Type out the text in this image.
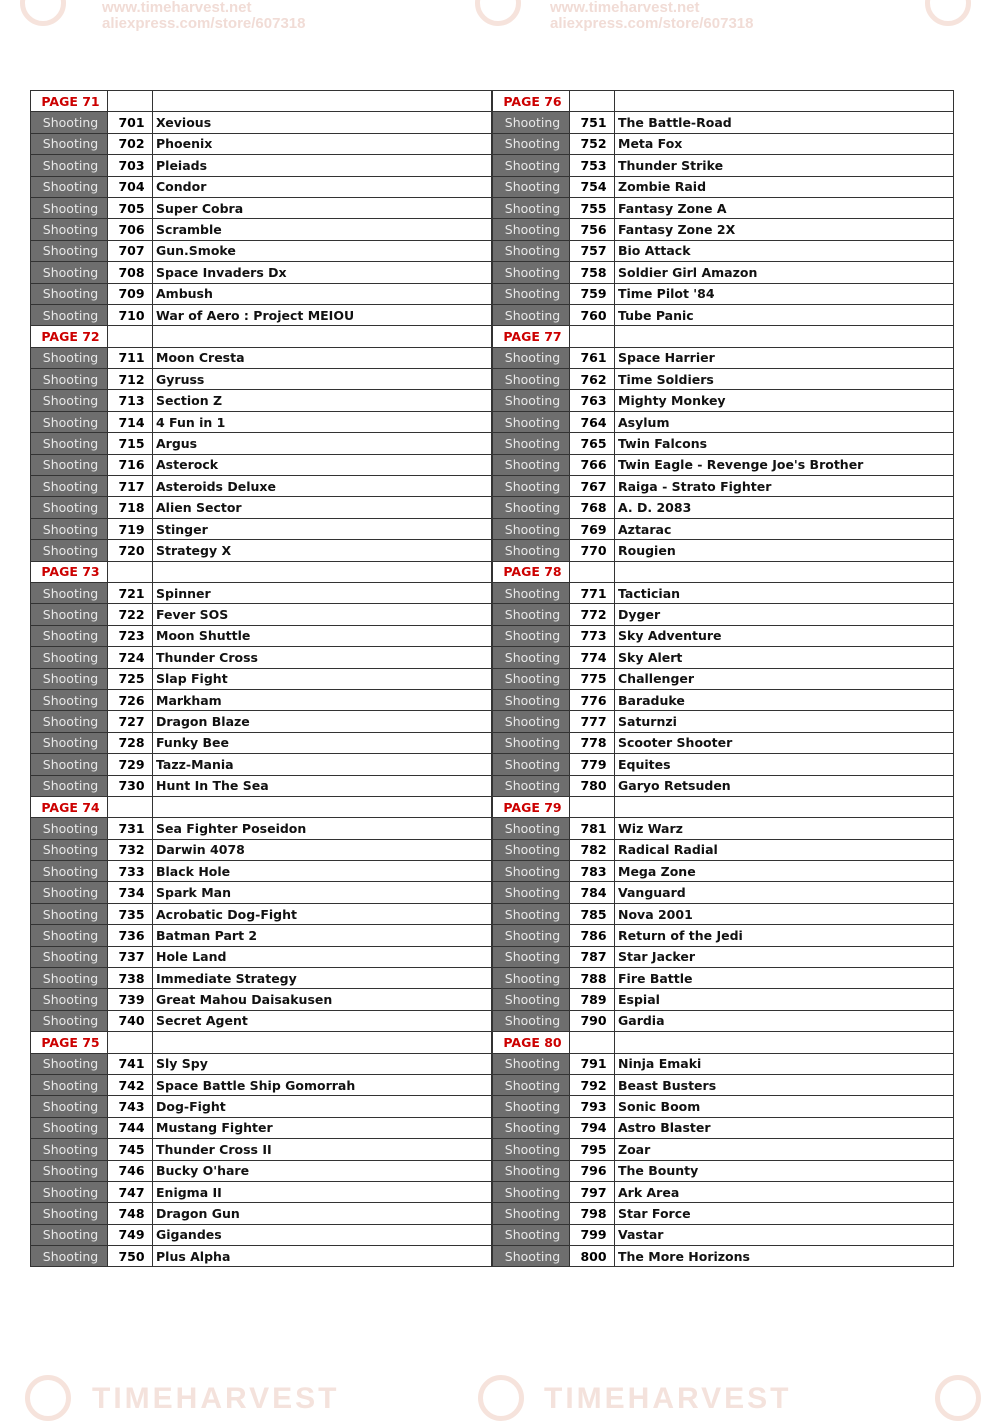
www.timeharvest.net
aliexpress.com/store/607318
www.timeharvest.net
aliexpress.com/store/607318
TIMEHARVEST	TIMEHARVEST
PAGE 71		
Shooting	701	Xevious
Shooting	702	Phoenix
Shooting	703	Pleiads
Shooting	704	Condor
Shooting	705	Super Cobra
Shooting	706	Scramble
Shooting	707	Gun.Smoke
Shooting	708	Space Invaders Dx
Shooting	709	Ambush
Shooting	710	War of Aero : Project MEIOU
PAGE 72		
Shooting	711	Moon Cresta
Shooting	712	Gyruss
Shooting	713	Section Z
Shooting	714	4 Fun in 1
Shooting	715	Argus
Shooting	716	Asterock
Shooting	717	Asteroids Deluxe
Shooting	718	Alien Sector
Shooting	719	Stinger
Shooting	720	Strategy X
PAGE 73		
Shooting	721	Spinner
Shooting	722	Fever SOS
Shooting	723	Moon Shuttle
Shooting	724	Thunder Cross
Shooting	725	Slap Fight
Shooting	726	Markham
Shooting	727	Dragon Blaze
Shooting	728	Funky Bee
Shooting	729	Tazz-Mania
Shooting	730	Hunt In The Sea
PAGE 74		
Shooting	731	Sea Fighter Poseidon
Shooting	732	Darwin 4078
Shooting	733	Black Hole
Shooting	734	Spark Man
Shooting	735	Acrobatic Dog-Fight
Shooting	736	Batman Part 2
Shooting	737	Hole Land
Shooting	738	Immediate Strategy
Shooting	739	Great Mahou Daisakusen
Shooting	740	Secret Agent
PAGE 75		
Shooting	741	Sly Spy
Shooting	742	Space Battle Ship Gomorrah
Shooting	743	Dog-Fight
Shooting	744	Mustang Fighter
Shooting	745	Thunder Cross II
Shooting	746	Bucky O'hare
Shooting	747	Enigma II
Shooting	748	Dragon Gun
Shooting	749	Gigandes
Shooting	750	Plus Alpha
PAGE 76		
Shooting	751	The Battle-Road
Shooting	752	Meta Fox
Shooting	753	Thunder Strike
Shooting	754	Zombie Raid
Shooting	755	Fantasy Zone A
Shooting	756	Fantasy Zone 2X
Shooting	757	Bio Attack
Shooting	758	Soldier Girl Amazon
Shooting	759	Time Pilot '84
Shooting	760	Tube Panic
PAGE 77		
Shooting	761	Space Harrier
Shooting	762	Time Soldiers
Shooting	763	Mighty Monkey
Shooting	764	Asylum
Shooting	765	Twin Falcons
Shooting	766	Twin Eagle - Revenge Joe's Brother
Shooting	767	Raiga - Strato Fighter
Shooting	768	A. D. 2083
Shooting	769	Aztarac
Shooting	770	Rougien
PAGE 78		
Shooting	771	Tactician
Shooting	772	Dyger
Shooting	773	Sky Adventure
Shooting	774	Sky Alert
Shooting	775	Challenger
Shooting	776	Baraduke
Shooting	777	Saturnzi
Shooting	778	Scooter Shooter
Shooting	779	Equites
Shooting	780	Garyo Retsuden
PAGE 79		
Shooting	781	Wiz Warz
Shooting	782	Radical Radial
Shooting	783	Mega Zone
Shooting	784	Vanguard
Shooting	785	Nova 2001
Shooting	786	Return of the Jedi
Shooting	787	Star Jacker
Shooting	788	Fire Battle
Shooting	789	Espial
Shooting	790	Gardia
PAGE 80		
Shooting	791	Ninja Emaki
Shooting	792	Beast Busters
Shooting	793	Sonic Boom
Shooting	794	Astro Blaster
Shooting	795	Zoar
Shooting	796	The Bounty
Shooting	797	Ark Area
Shooting	798	Star Force
Shooting	799	Vastar
Shooting	800	The More Horizons
